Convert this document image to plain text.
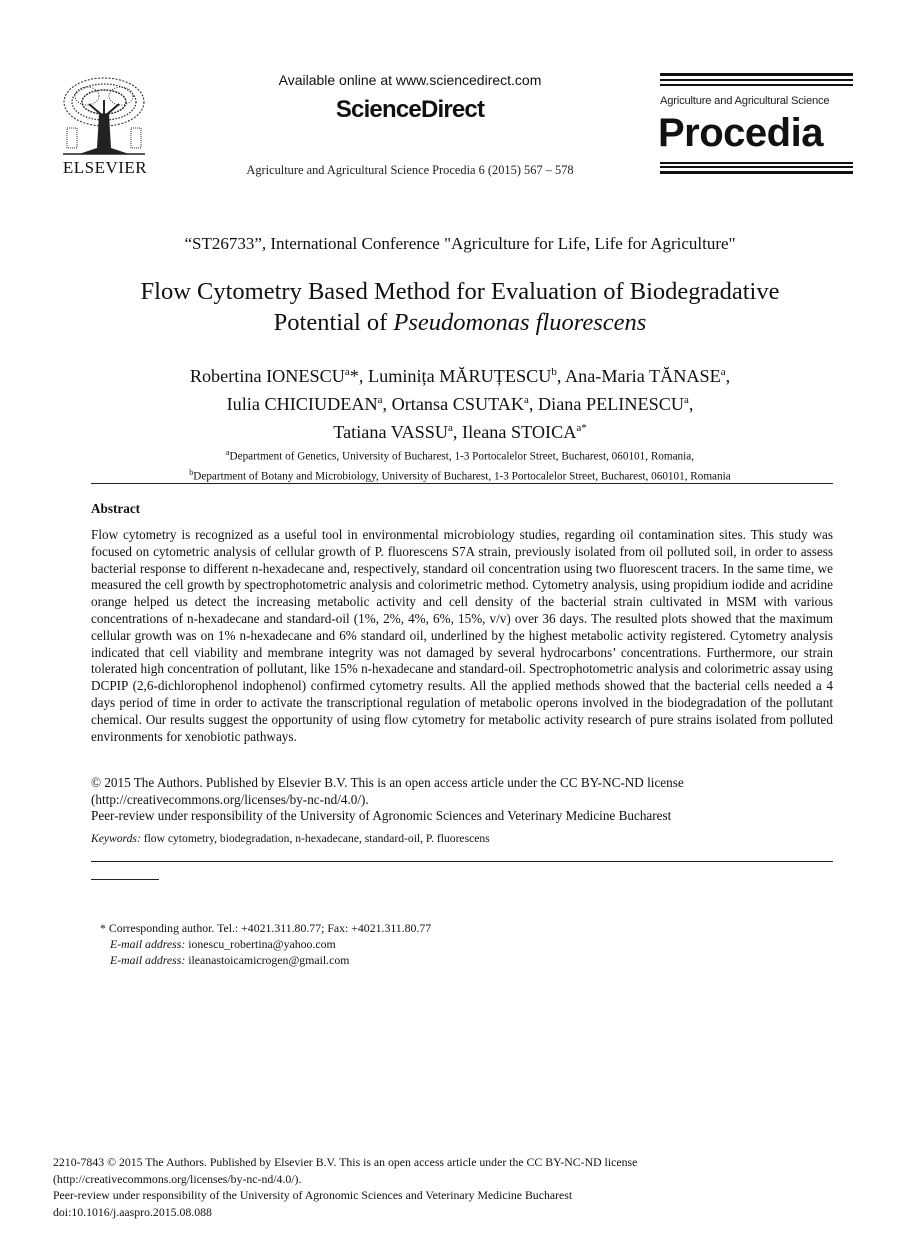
ELSEVIER
Available online at www.sciencedirect.com
ScienceDirect
Agriculture and Agricultural Science Procedia 6 (2015) 567 – 578
Agriculture and Agricultural Science
Procedia
“ST26733”, International Conference "Agriculture for Life, Life for Agriculture"
Flow Cytometry Based Method for Evaluation of Biodegradative
Potential of Pseudomonas fluorescens
Robertina IONESCU$^a$*, Luminița MĂRUȚESCU$^b$, Ana-Maria TĂNASE$^a$,
Iulia CHICIUDEAN$^a$, Ortansa CSUTAK$^a$, Diana PELINESCU$^a$,
Tatiana VASSU$^a$, Ileana $STOICA^{a*}$
$^a$Department of Genetics, University of Bucharest, 1-3 Portocalelor Street, Bucharest, 060101, Romania,
$^b$Department of Botany and Microbiology, University of Bucharest, 1-3 Portocalelor Street, Bucharest, 060101, Romania
Abstract
Flow cytometry is recognized as a useful tool in environmental microbiology studies, regarding oil contamination sites. This study was focused on cytometric analysis of cellular growth of P. fluorescens S7A strain, previously isolated from oil polluted soil, in order to assess bacterial response to different n-hexadecane and, respectively, standard oil concentration using two fluorescent tracers. In the same time, we measured the cell growth by spectrophotometric analysis and colorimetric method. Cytometry analysis, using propidium iodide and acridine orange helped us detect the increasing metabolic activity and cell density of the bacterial strain cultivated in MSM with various concentrations of n-hexadecane and standard-oil (1%, 2%, 4%, 6%, 15%, v/v) over 36 days. The resulted plots showed that the maximum cellular growth was on 1% n-hexadecane and 6% standard oil, underlined by the highest metabolic activity registered. Cytometry analysis indicated that cell viability and membrane integrity was not damaged by several hydrocarbons’ concentrations. Furthermore, our strain tolerated high concentration of pollutant, like 15% n-hexadecane and standard-oil. Spectrophotometric analysis and colorimetric assay using DCPIP (2,6-dichlorophenol indophenol) confirmed cytometry results. All the applied methods showed that the bacterial cells needed a 4 days period of time in order to activate the transcriptional regulation of metabolic operons involved in the biodegradation of the pollutant chemical. Our results suggest the opportunity of using flow cytometry for metabolic activity research of pure strains isolated from polluted environments for xenobiotic pathways.
© 2015 The Authors. Published by Elsevier B.V. This is an open access article under the CC BY-NC-ND license
(http://creativecommons.org/licenses/by-nc-nd/4.0/).
Peer-review under responsibility of the University of Agronomic Sciences and Veterinary Medicine Bucharest
Keywords: flow cytometry, biodegradation, n-hexadecane, standard-oil, P. fluorescens
* Corresponding author. Tel.: +4021.311.80.77; Fax: +4021.311.80.77
E-mail address: ionescu_robertina@yahoo.com
E-mail address: ileanastoicamicrogen@gmail.com
2210-7843 © 2015 The Authors. Published by Elsevier B.V. This is an open access article under the CC BY-NC-ND license
(http://creativecommons.org/licenses/by-nc-nd/4.0/).
Peer-review under responsibility of the University of Agronomic Sciences and Veterinary Medicine Bucharest
doi:10.1016/j.aaspro.2015.08.088
